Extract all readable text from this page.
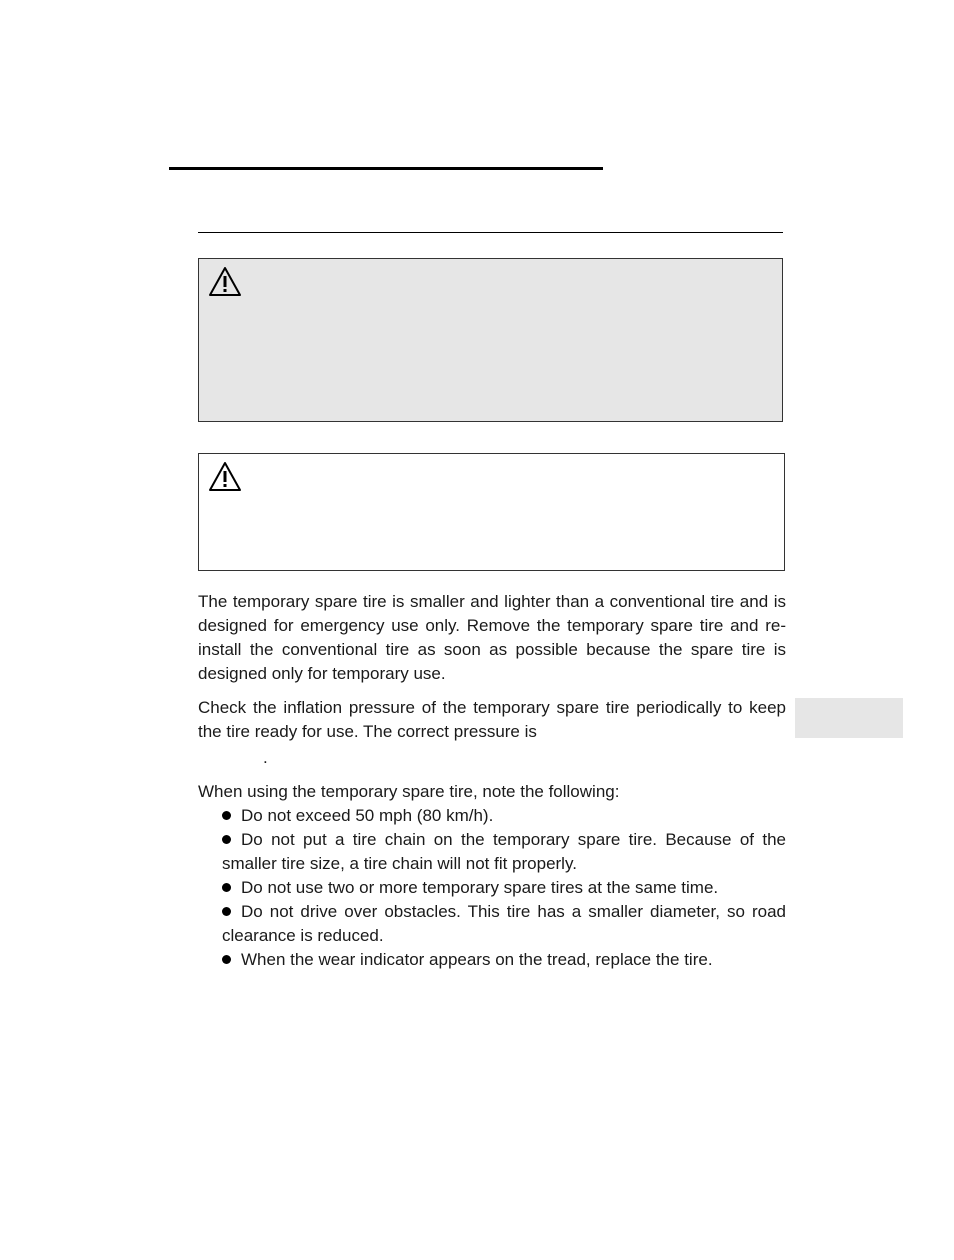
The temporary spare tire is smaller and lighter than a conventional tire and is designed for emergency use only. Remove the temporary spare tire and re-install the conventional tire as soon as possible because the spare tire is designed only for temporary use.

Check the inflation pressure of the temporary spare tire periodically to keep the tire ready for use. The correct pressure is

.

When using the temporary spare tire, note the following:

Do not exceed 50 mph (80 km/h).
Do not put a tire chain on the temporary spare tire. Because of the smaller tire size, a tire chain will not fit properly.
Do not use two or more temporary spare tires at the same time.
Do not drive over obstacles. This tire has a smaller diameter, so road clearance is reduced.
When the wear indicator appears on the tread, replace the tire.
